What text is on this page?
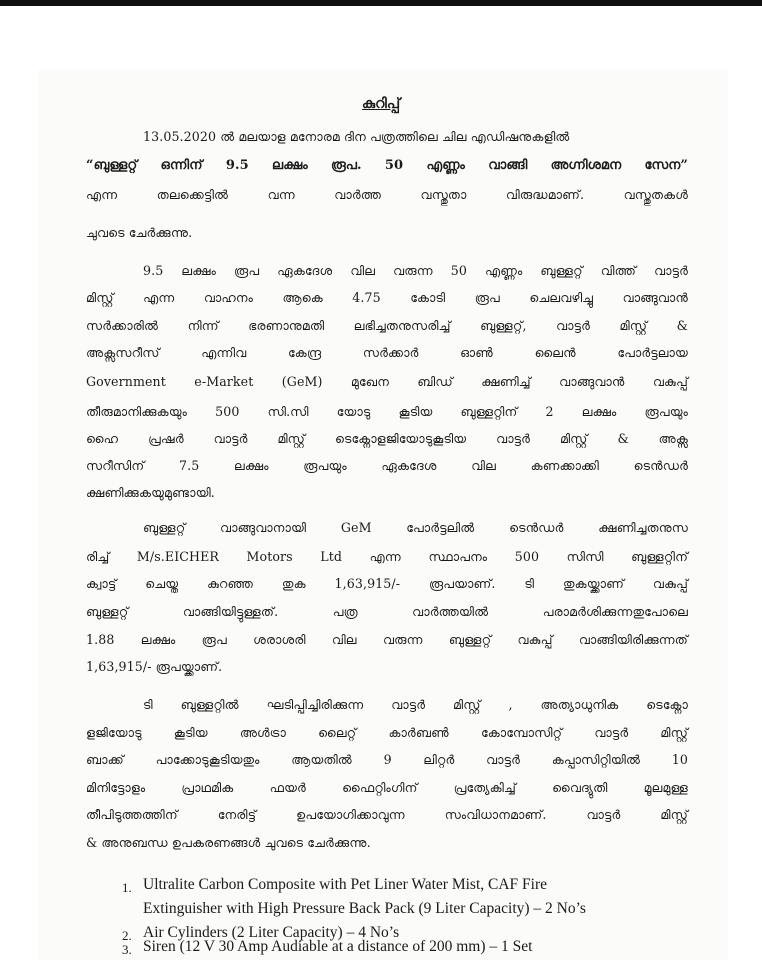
കുറിപ്പ്
13.05.2020 ൽ മലയാള മനോരമ ദിന പത്രത്തിലെ ചില എഡിഷനുകളിൽ
“ബുള്ളറ്റ് ഒന്നിന് 9.5 ലക്ഷം രൂപ. 50 എണ്ണം വാങ്ങി അഗ്നിശമന സേന”
എന്ന തലക്കെട്ടിൽ വന്ന വാർത്ത വസ്തുതാ വിരുദ്ധമാണ്. വസ്തുതകൾ
ചുവടെ ചേർക്കുന്നു.
9.5 ലക്ഷം രൂപ ഏകദേശ വില വരുന്ന 50 എണ്ണം ബുള്ളറ്റ് വിത്ത് വാട്ടർ
മിസ്റ്റ് എന്ന വാഹനം ആകെ 4.75 കോടി രൂപ ചെലവഴിച്ചു വാങ്ങുവാൻ
സർക്കാരിൽ നിന്ന് ഭരണാനുമതി ലഭിച്ചതനുസരിച്ച് ബുള്ളറ്റ്, വാട്ടർ മിസ്റ്റ് &
അക്സസറീസ് എന്നിവ കേന്ദ്ര സർക്കാർ ഓൺ ലൈൻ പോർട്ടലായ
Government e-Market (GeM) മുഖേന ബിഡ് ക്ഷണിച്ച് വാങ്ങുവാൻ വകുപ്പ്
തീരുമാനിക്കുകയും 500 സി.സി യോടു കൂടിയ ബുള്ളറ്റിന് 2 ലക്ഷം രൂപയും
ഹൈ പ്രഷർ വാട്ടർ മിസ്റ്റ് ടെക്നോളജിയോടുകൂടിയ വാട്ടർ മിസ്റ്റ് & അക്സ
സറീസിന് 7.5 ലക്ഷം രൂപയും ഏകദേശ വില കണക്കാക്കി ടെൻഡർ
ക്ഷണിക്കുകയുമുണ്ടായി.
ബുള്ളറ്റ് വാങ്ങുവാനായി GeM പോർട്ടലിൽ ടെൻഡർ ക്ഷണിച്ചതനുസ
രിച്ച് M/s.EICHER Motors Ltd എന്ന സ്ഥാപനം 500 സിസി ബുള്ളറ്റിന്
ക്വാട്ട് ചെയ്ത കുറഞ്ഞ തുക 1,63,915/- രൂപയാണ്. ടി തുകയ്ക്കാണ് വകുപ്പ്
ബുള്ളറ്റ് വാങ്ങിയിട്ടുള്ളത്. പത്ര വാർത്തയിൽ പരാമർശിക്കുന്നതുപോലെ
1.88 ലക്ഷം രൂപ ശരാശരി വില വരുന്ന ബുള്ളറ്റ് വകുപ്പ് വാങ്ങിയിരിക്കുന്നത്
1,63,915/- രൂപയ്ക്കാണ്.
ടി ബുള്ളറ്റിൽ ഘടിപ്പിച്ചിരിക്കുന്ന വാട്ടർ മിസ്റ്റ് , അത്യാധുനിക ടെക്നോ
ളജിയോടു കൂടിയ അൾട്രാ ലൈറ്റ് കാർബൺ കോമ്പോസിറ്റ് വാട്ടർ മിസ്റ്റ്
ബാക്ക് പാക്കോടുകൂടിയതും ആയതിൽ 9 ലിറ്റർ വാട്ടർ കപ്പാസിറ്റിയിൽ 10
മിനിട്ടോളം പ്രാഥമിക ഫയർ ഫൈറ്റിംഗിന് പ്രത്യേകിച്ച് വൈദ്യുതി മൂലമുള്ള
തീപിടുത്തത്തിന് നേരിട്ട് ഉപയോഗിക്കാവുന്ന സംവിധാനമാണ്. വാട്ടർ മിസ്റ്റ്
& അനുബന്ധ ഉപകരണങ്ങൾ ചുവടെ ചേർക്കുന്നു.
1. Ultralite Carbon Composite with Pet Liner Water Mist, CAF Fire
Extinguisher with High Pressure Back Pack (9 Liter Capacity) – 2 No’s
2. Air Cylinders (2 Liter Capacity) – 4 No’s
3. Siren (12 V 30 Amp Audiable at a distance of 200 mm) – 1 Set
